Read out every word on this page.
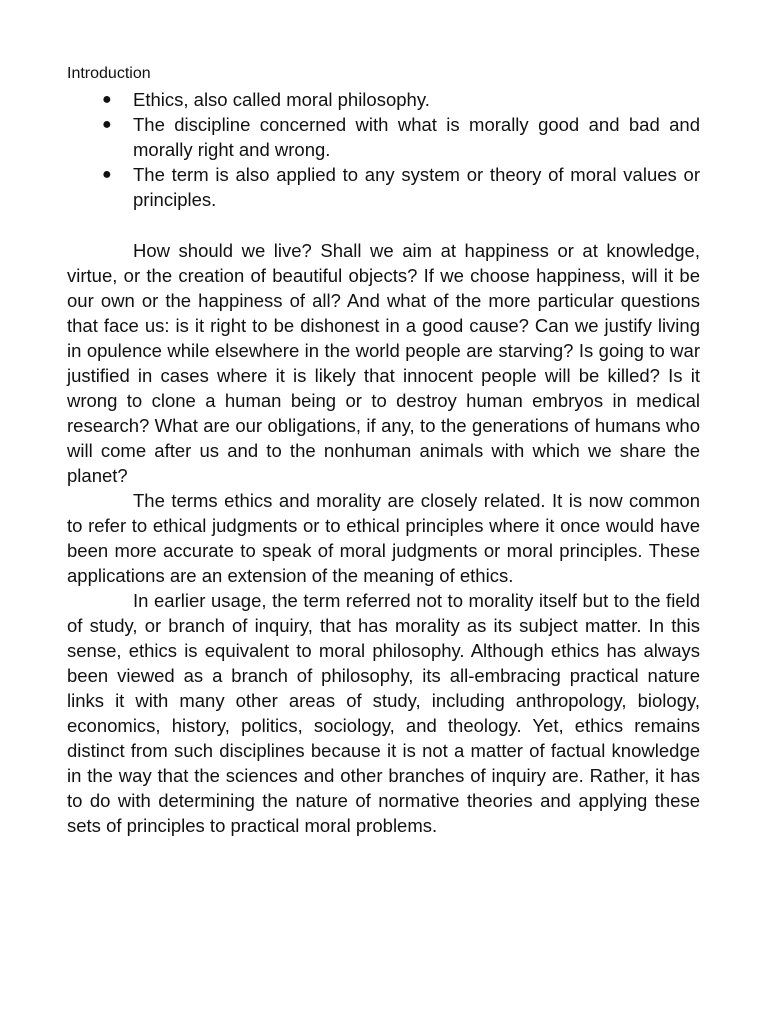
Introduction
● Ethics, also called moral philosophy.
● The discipline concerned with what is morally good and bad and morally right and wrong.
● The term is also applied to any system or theory of moral values or principles.

How should we live? Shall we aim at happiness or at knowledge, virtue, or the creation of beautiful objects? If we choose happiness, will it be our own or the happiness of all? And what of the more particular questions that face us: is it right to be dishonest in a good cause? Can we justify living in opulence while elsewhere in the world people are starving? Is going to war justified in cases where it is likely that innocent people will be killed? Is it wrong to clone a human being or to destroy human embryos in medical research? What are our obligations, if any, to the generations of humans who will come after us and to the nonhuman animals with which we share the planet?

The terms ethics and morality are closely related. It is now common to refer to ethical judgments or to ethical principles where it once would have been more accurate to speak of moral judgments or moral principles. These applications are an extension of the meaning of ethics.

In earlier usage, the term referred not to morality itself but to the field of study, or branch of inquiry, that has morality as its subject matter. In this sense, ethics is equivalent to moral philosophy. Although ethics has always been viewed as a branch of philosophy, its all-embracing practical nature links it with many other areas of study, including anthropology, biology, economics, history, politics, sociology, and theology. Yet, ethics remains distinct from such disciplines because it is not a matter of factual knowledge in the way that the sciences and other branches of inquiry are. Rather, it has to do with determining the nature of normative theories and applying these sets of principles to practical moral problems.
